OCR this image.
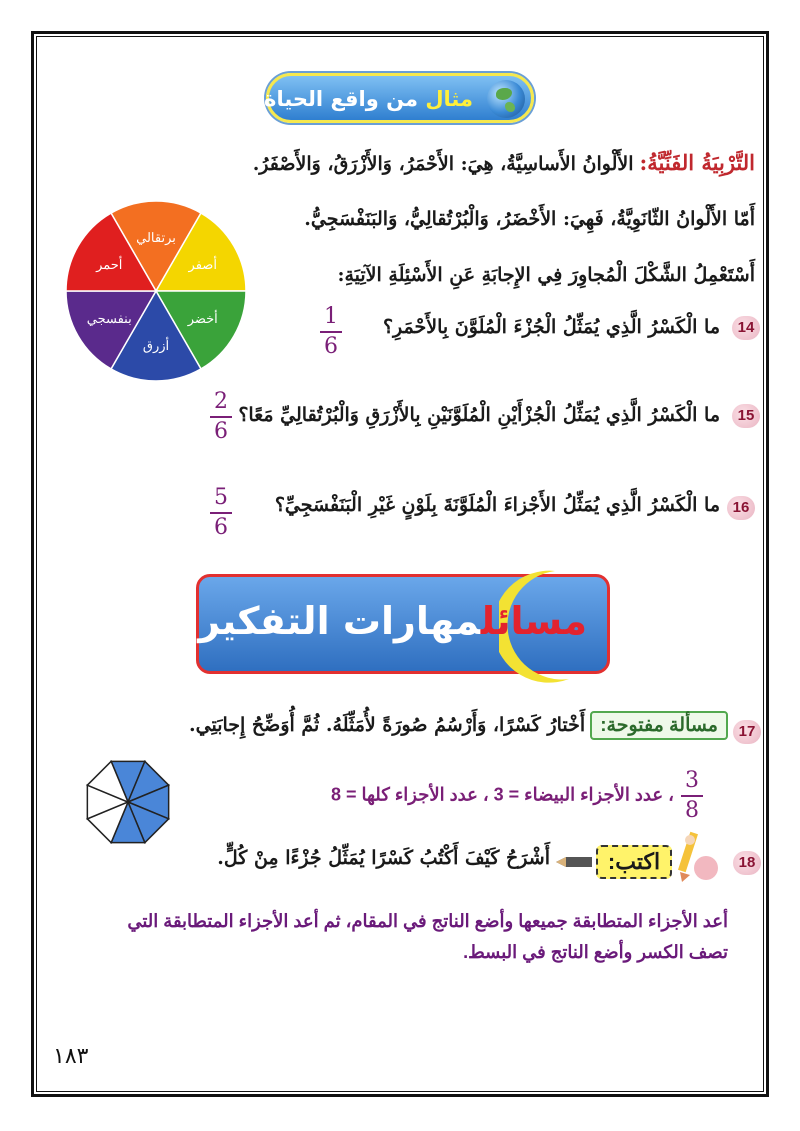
مثال من واقع الحياة:
التَّرْبِيَةُ الفَنِّيَّةُ: الأَلْوانُ الأَساسِيَّةُ، هِيَ: الأَحْمَرُ، وَالأَزْرَقُ، وَالأَصْفَرُ.
أَمّا الأَلْوانُ الثّانَوِيَّةُ، فَهِيَ: الأَخْضَرُ، وَالْبُرْتُقالِيُّ، وَالبَنَفْسَجِيُّ.
أَسْتَعْمِلُ الشَّكْلَ الْمُجاوِرَ فِي الإِجابَةِ عَنِ الأَسْئِلَةِ الآتِيَةِ:
برتقالي
أصفر
أخضر
أزرق
بنفسجي
أحمر
14
ما الْكَسْرُ الَّذِي يُمَثِّلُ الْجُزْءَ الْمُلَوَّنَ بِالأَحْمَرِ؟
1
6
15
ما الْكَسْرُ الَّذِي يُمَثِّلُ الْجُزْأَيْنِ الْمُلَوَّنَيْنِ بِالأَزْرَقِ وَالْبُرْتُقالِيِّ مَعًا؟
2
6
16
ما الْكَسْرُ الَّذِي يُمَثِّلُ الأَجْزاءَ الْمُلَوَّنَةَ بِلَوْنٍ غَيْرِ الْبَنَفْسَجِيِّ؟
5
6
مسائلمهارات التفكير العليا:
17
مسألة مفتوحة: أَخْتارُ كَسْرًا، وَأَرْسُمُ صُورَةً لأُمَثِّلَهُ. ثُمَّ أُوَضِّحُ إِجابَتِي.
$\frac{3}{8}$ ، عدد الأجزاء البيضاء = 3 ، عدد الأجزاء كلها = 8
18
اكتب:
أَشْرَحُ كَيْفَ أَكْتُبُ كَسْرًا يُمَثِّلُ جُزْءًا مِنْ كُلٍّ.
أعد الأجزاء المتطابقة جميعها وأضع الناتج في المقام، ثم أعد الأجزاء المتطابقة التي تصف الكسر وأضع الناتج في البسط.
١٨٣
